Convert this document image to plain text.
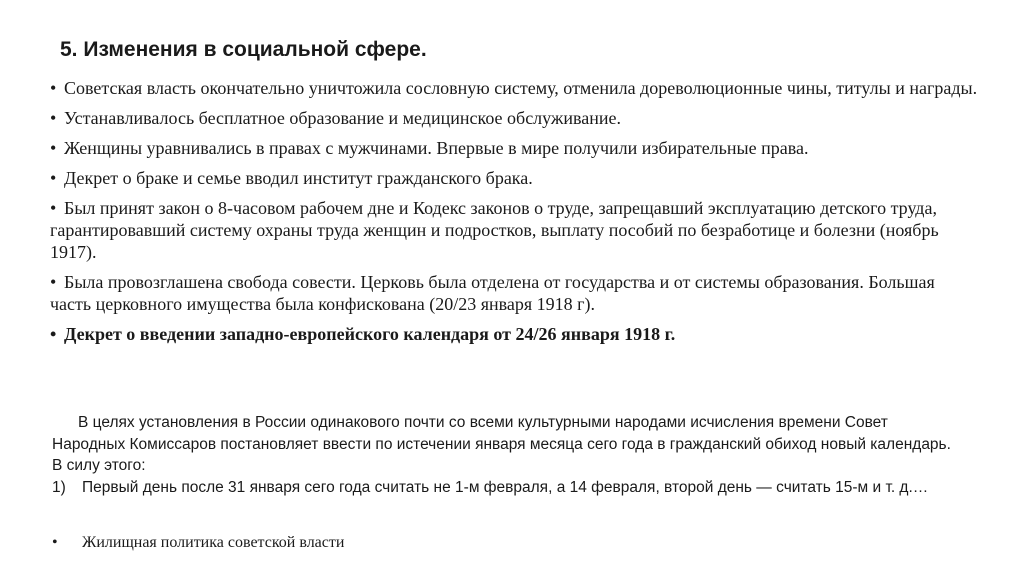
5. Изменения в социальной сфере.
• Советская власть окончательно уничтожила сословную систему, отменила дореволюционные чины, титулы и награды.
• Устанавливалось бесплатное образование и медицинское обслуживание.
• Женщины уравнивались в правах с мужчинами. Впервые в мире получили избирательные права.
• Декрет о браке и семье вводил институт гражданского брака.
• Был принят закон о 8-часовом рабочем дне и Кодекс законов о труде, запрещавший эксплуатацию детского труда, гарантировавший систему охраны труда женщин и подростков, выплату пособий по безработице и болезни (ноябрь 1917).
• Была провозглашена свобода совести. Церковь была отделена от государства и от системы образования. Большая часть церковного имущества была конфискована (20/23 января 1918 г).
• Декрет о введении западно-европейского календаря от 24/26 января 1918 г.

В целях установления в России одинакового почти со всеми культурными народами исчисления времени Совет Народных Комиссаров постановляет ввести по истечении января месяца сего года в гражданский обиход новый календарь. В силу этого:

1)	Первый день после 31 января сего года считать не 1-м февраля, а 14 февраля, второй день — считать 15-м и т. д.…
• Жилищная политика советской власти
